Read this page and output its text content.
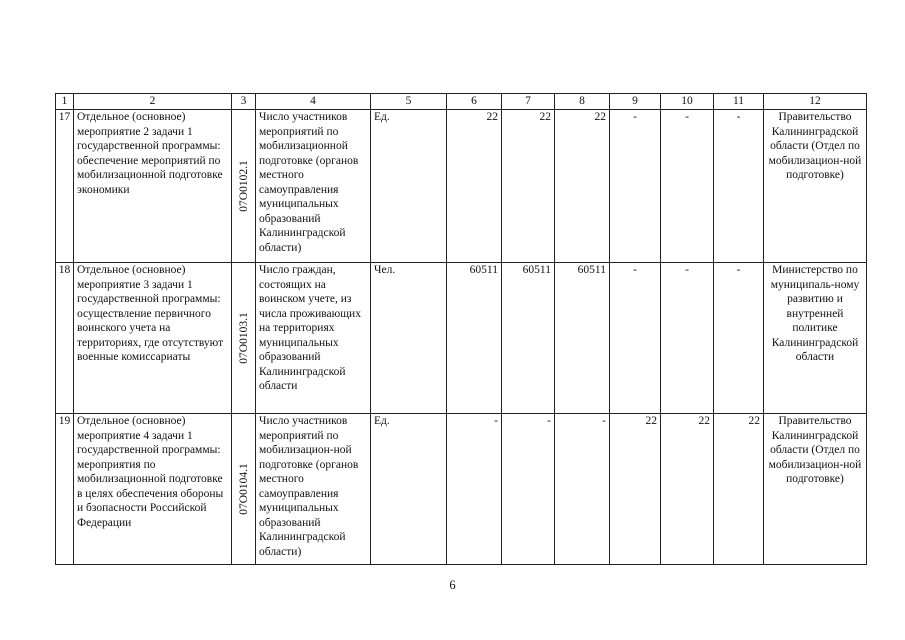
1	2	3	4	5	6	7	8	9	10	11	12
17	Отдельное (основное) мероприятие 2 задачи 1 государственной программы: обеспечение мероприятий по мобилизационной подготовке экономики	07О0102.1	Число участников мероприятий по мобилизационной подготовке (органов местного самоуправления муниципальных образований Калининградской области)	Ед.	22	22	22	-	-	-	Правительство Калининградской области (Отдел по мобилизацион-ной подготовке)
18	Отдельное (основное) мероприятие 3 задачи 1 государственной программы: осуществление первичного воинского учета на территориях, где отсутствуют военные комиссариаты	07О0103.1	Число граждан, состоящих на воинском учете, из числа проживающих на территориях муниципальных образований Калининградской области	Чел.	60511	60511	60511	-	-	-	Министерство по муниципаль-ному развитию и внутренней политике Калининградской области
19	Отдельное (основное) мероприятие 4 задачи 1 государственной программы: мероприятия по мобилизационной подготовке в целях обеспечения обороны и бзопасности Российской Федерации	07О0104.1	Число участников мероприятий по мобилизацион-ной подготовке (органов местного самоуправления муниципальных образований Калининградской области)	Ед.	-	-	-	22	22	22	Правительство Калининградской области (Отдел по мобилизацион-ной подготовке)
6
